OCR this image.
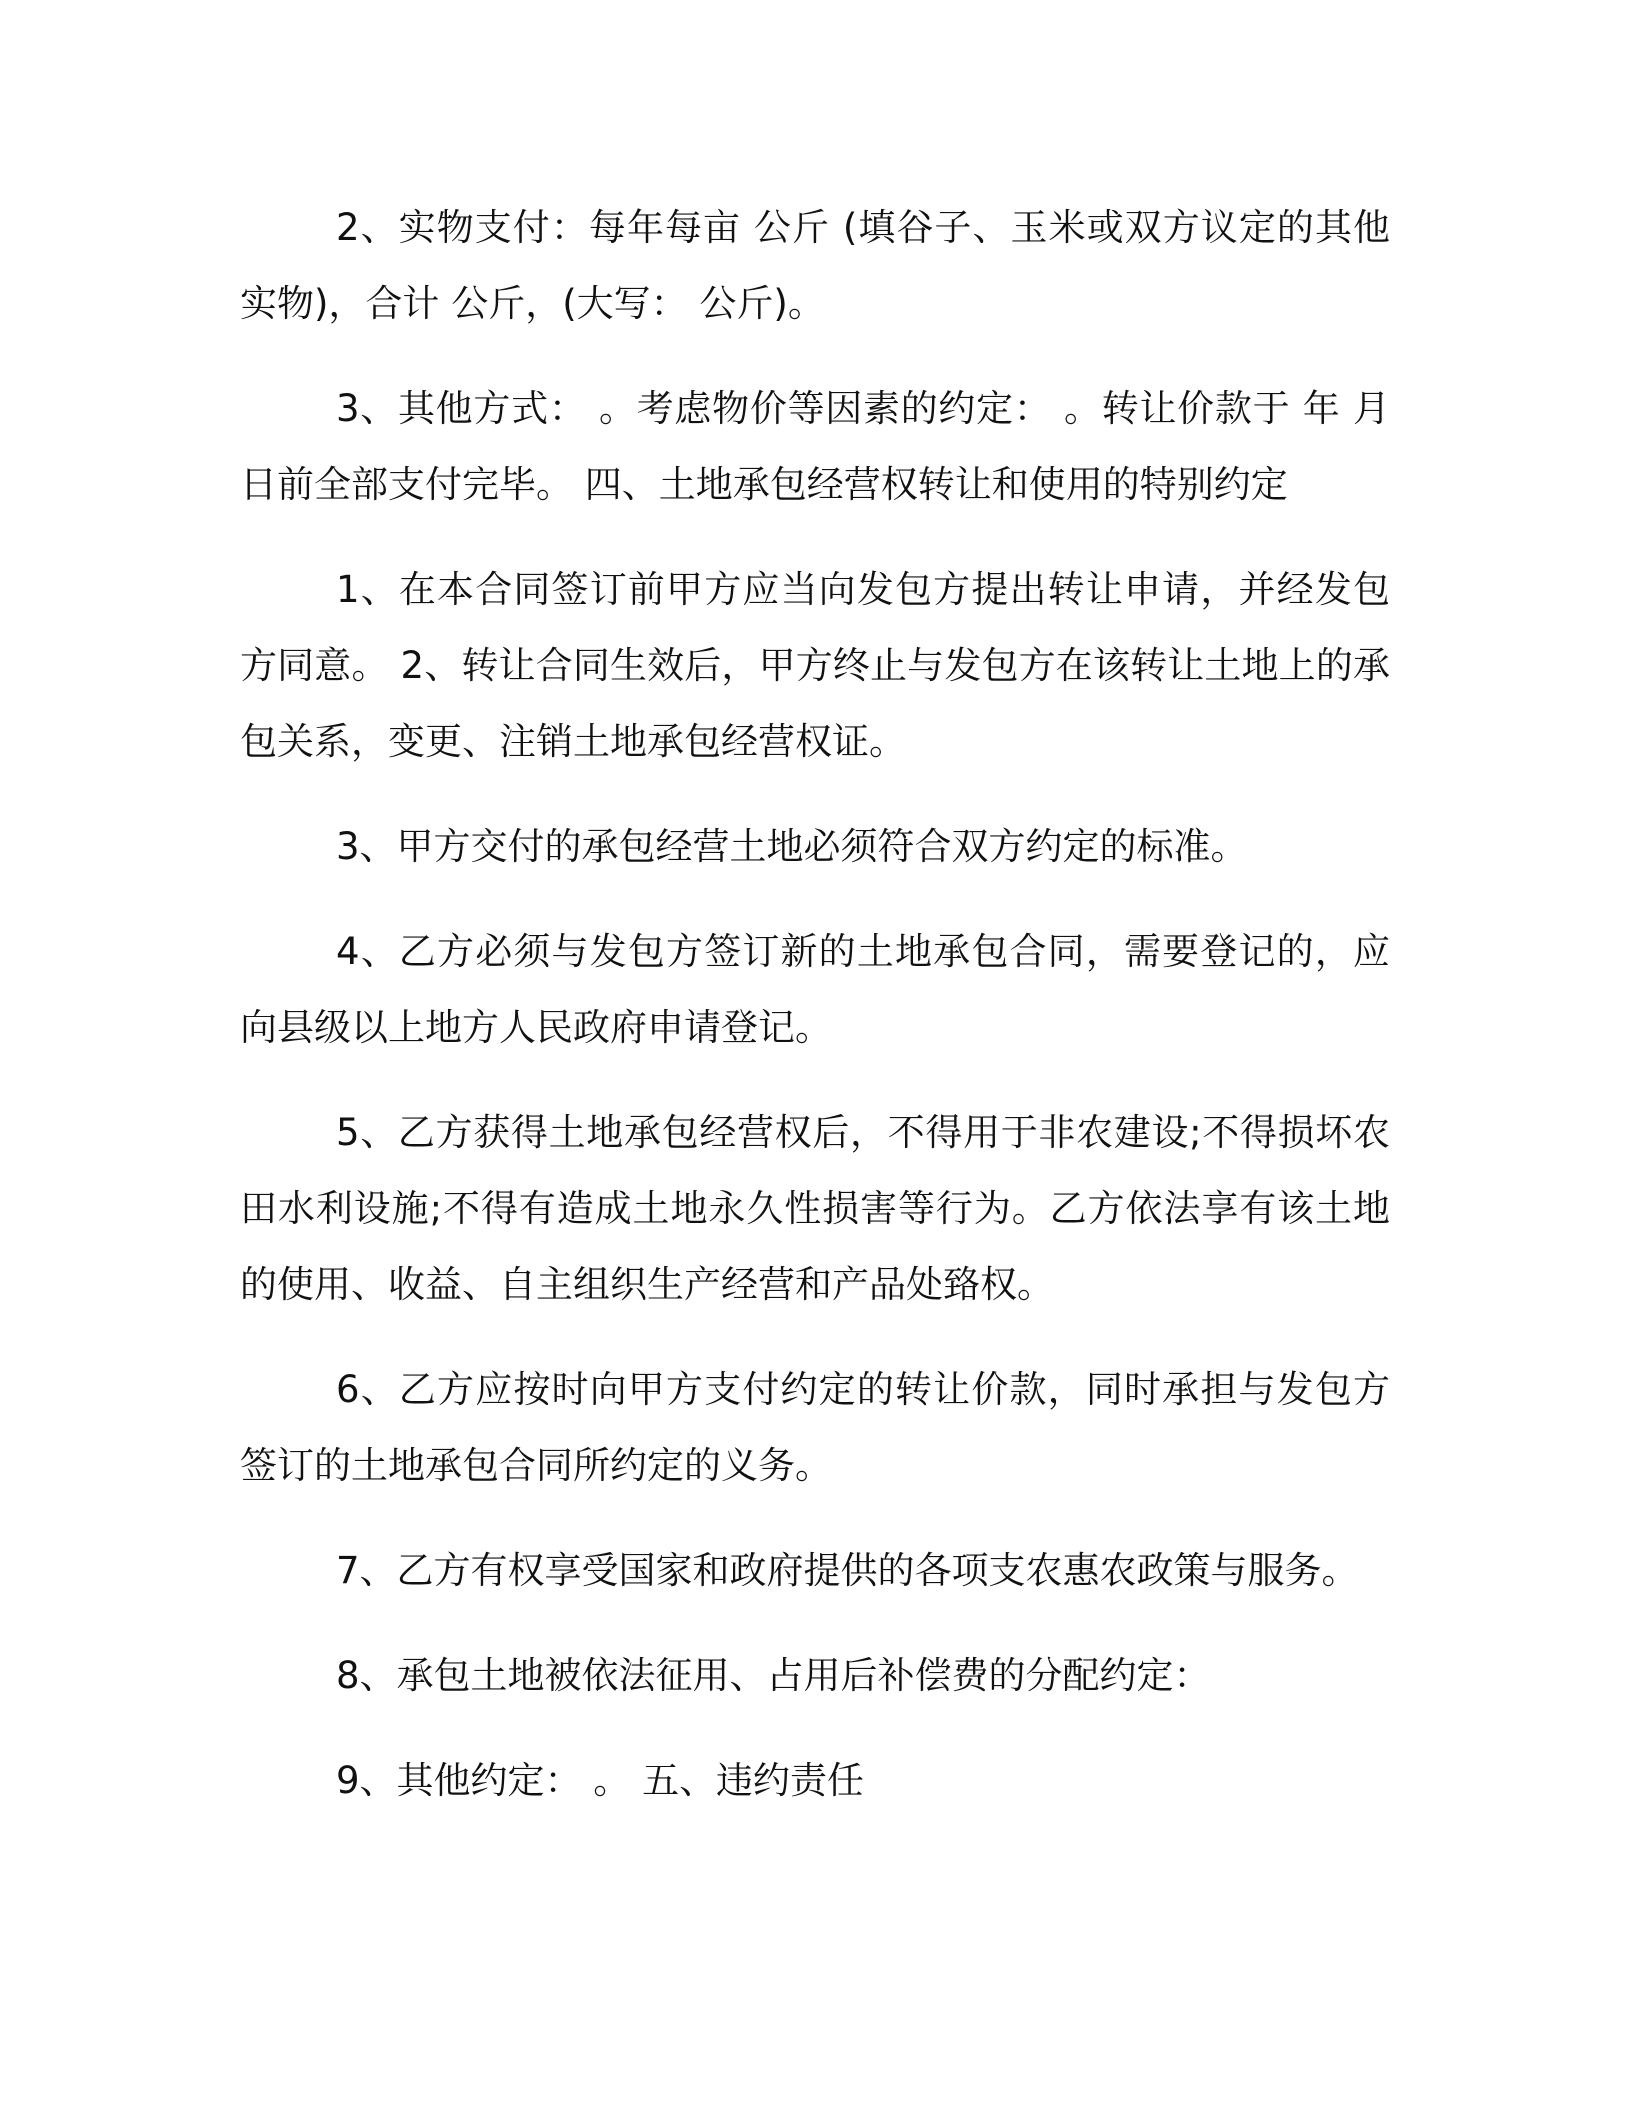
2、实物支付：每年每亩 公斤 (填谷子、玉米或双方议定的其他实物)，合计 公斤，(大写： 公斤)。

3、其他方式： 。考虑物价等因素的约定： 。转让价款于 年 月日前全部支付完毕。 四、土地承包经营权转让和使用的特别约定

1、在本合同签订前甲方应当向发包方提出转让申请，并经发包方同意。 2、转让合同生效后，甲方终止与发包方在该转让土地上的承包关系，变更、注销土地承包经营权证。

3、甲方交付的承包经营土地必须符合双方约定的标准。

4、乙方必须与发包方签订新的土地承包合同，需要登记的，应向县级以上地方人民政府申请登记。

5、乙方获得土地承包经营权后，不得用于非农建设;不得损坏农田水利设施;不得有造成土地永久性损害等行为。乙方依法享有该土地的使用、收益、自主组织生产经营和产品处臵权。

6、乙方应按时向甲方支付约定的转让价款，同时承担与发包方签订的土地承包合同所约定的义务。

7、乙方有权享受国家和政府提供的各项支农惠农政策与服务。

8、承包土地被依法征用、占用后补偿费的分配约定：

9、其他约定： 。 五、违约责任
